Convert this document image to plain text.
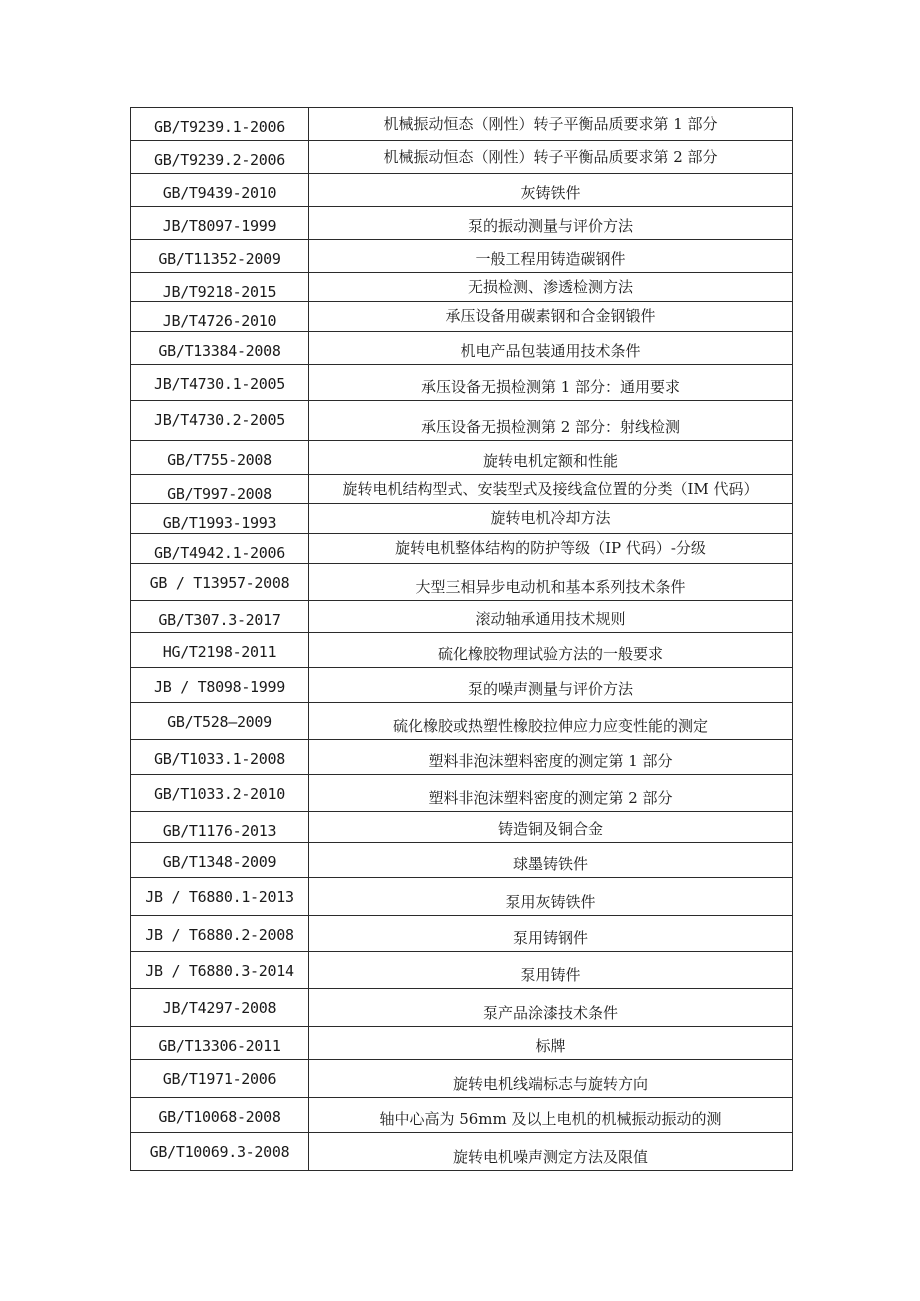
GB/T9239.1-2006	机械振动恒态（刚性）转子平衡品质要求第 1 部分
GB/T9239.2-2006	机械振动恒态（刚性）转子平衡品质要求第 2 部分
GB/T9439-2010	灰铸铁件
JB/T8097-1999	泵的振动测量与评价方法
GB/T11352-2009	一般工程用铸造碳钢件
JB/T9218-2015	无损检测、渗透检测方法
JB/T4726-2010	承压设备用碳素钢和合金钢锻件
GB/T13384-2008	机电产品包装通用技术条件
JB/T4730.1-2005	承压设备无损检测第 1 部分：通用要求
JB/T4730.2-2005	承压设备无损检测第 2 部分：射线检测
GB/T755-2008	旋转电机定额和性能
GB/T997-2008	旋转电机结构型式、安装型式及接线盒位置的分类（IM 代码）
GB/T1993-1993	旋转电机冷却方法
GB/T4942.1-2006	旋转电机整体结构的防护等级（IP 代码）-分级
GB / T13957-2008	大型三相异步电动机和基本系列技术条件
GB/T307.3-2017	滚动轴承通用技术规则
HG/T2198-2011	硫化橡胶物理试验方法的一般要求
JB / T8098-1999	泵的噪声测量与评价方法
GB/T528—2009	硫化橡胶或热塑性橡胶拉伸应力应变性能的测定
GB/T1033.1-2008	塑料非泡沫塑料密度的测定第 1 部分
GB/T1033.2-2010	塑料非泡沫塑料密度的测定第 2 部分
GB/T1176-2013	铸造铜及铜合金
GB/T1348-2009	球墨铸铁件
JB / T6880.1-2013	泵用灰铸铁件
JB / T6880.2-2008	泵用铸钢件
JB / T6880.3-2014	泵用铸件
JB/T4297-2008	泵产品涂漆技术条件
GB/T13306-2011	标牌
GB/T1971-2006	旋转电机线端标志与旋转方向
GB/T10068-2008	轴中心高为 56mm 及以上电机的机械振动振动的测
GB/T10069.3-2008	旋转电机噪声测定方法及限值
